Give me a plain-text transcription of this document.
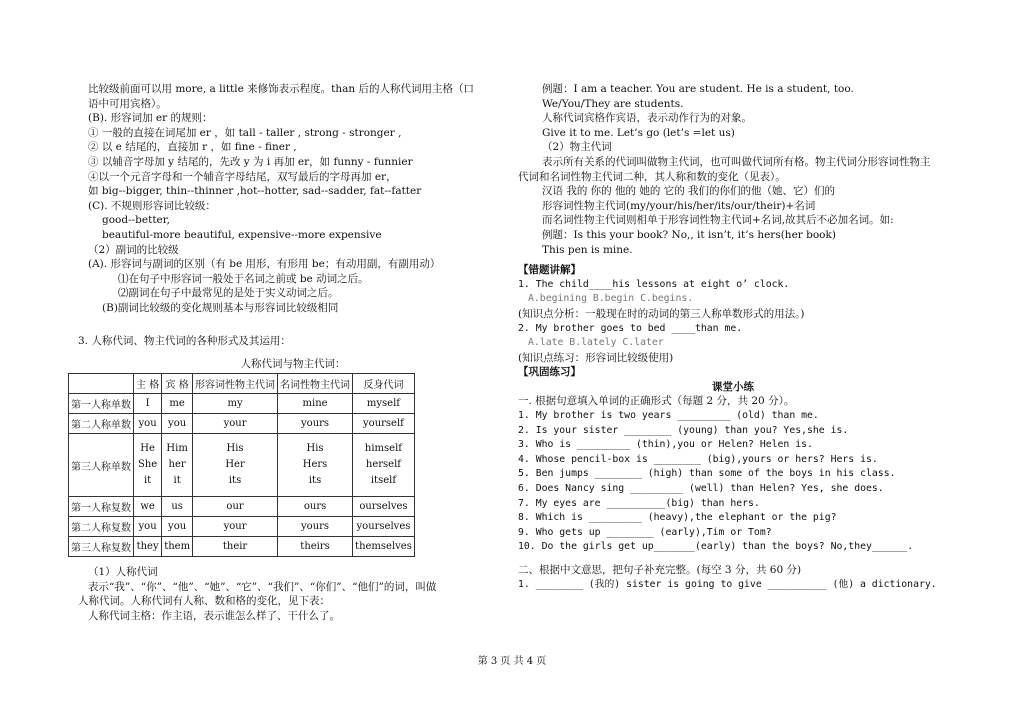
比较级前面可以用 more, a little 来修饰表示程度。than 后的人称代词用主格（口
语中可用宾格）。
(B). 形容词加 er 的规则：
① 一般的直接在词尾加 er ，如 tall - taller , strong - stronger ,
② 以 e 结尾的，直接加 r ，如 fine - finer ,
③ 以辅音字母加 y 结尾的，先改 y 为 i 再加 er，如 funny - funnier
④以一个元音字母和一个辅音字母结尾，双写最后的字母再加 er，
如 big--bigger, thin--thinner ,hot--hotter, sad--sadder, fat--fatter
(C). 不规则形容词比较级：
good--better,
beautiful-more beautiful, expensive--more expensive
（2）副词的比较级
(A). 形容词与副词的区别（有 be 用形，有形用 be；有动用副，有副用动）
⑴在句子中形容词一般处于名词之前或 be 动词之后。
⑵副词在句子中最常见的是处于实义动词之后。
(B)副词比较级的变化规则基本与形容词比较级相同
3. 人称代词、物主代词的各种形式及其运用：
人称代词与物主代词：
	主 格	宾 格	形容词性物主代词	名词性物主代词	反身代词
第一人称单数	I	me	my	mine	myself
第二人称单数	you	you	your	yours	yourself
第三人称单数	He
She
it	Him
her
it	His
Her
its	His
Hers
its	himself
herself
itself
第一人称复数	we	us	our	ours	ourselves
第二人称复数	you	you	your	yours	yourselves
第三人称复数	they	them	their	theirs	themselves
（1）人称代词
表示“我”、“你”、“他”、“她”、“它”、“我们”、“你们”、“他们”的词，叫做
人称代词。人称代词有人称、数和格的变化，见下表：
人称代词主格：作主语，表示谁怎么样了、干什么了。
例题：I am a teacher. You are student. He is a student, too.
We/You/They are students.
人称代词宾格作宾语，表示动作行为的对象。
Give it to me. Let’s go (let’s =let us)
（2）物主代词
表示所有关系的代词叫做物主代词，也可叫做代词所有格。物主代词分形容词性物主
代词和名词性物主代词二种，其人称和数的变化（见表）。
汉语 我的 你的 他的 她的 它的 我们的你们的他（她、它）们的
形容词性物主代词(my/your/his/her/its/our/their)+名词
而名词性物主代词则相单于形容词性物主代词+名词,故其后不必加名词。如:
例题：Is this your book? No,, it isn’t, it’s hers(her book)
This pen is mine.
【错题讲解】
1. The child____his lessons at eight o’ clock.
A.begining B.begin C.begins.
(知识点分析：一般现在时的动词的第三人称单数形式的用法。)
2. My brother goes to bed ____than me.
A.late B.lately C.later
(知识点练习：形容词比较级使用)
【巩固练习】
课堂小练
一. 根据句意填入单词的正确形式（每题 2 分，共 20 分）。
1. My brother is two years _________ (old) than me.
2. Is your sister ________ (young) than you? Yes,she is.
3. Who is _________ (thin),you or Helen? Helen is.
4. Whose pencil-box is ________ (big),yours or hers? Hers is.
5. Ben jumps ________ (high) than some of the boys in his class.
6. Does Nancy sing _________ (well) than Helen? Yes, she does.
7. My eyes are __________(big) than hers.
8. Which is _________ (heavy),the elephant or the pig?
9. Who gets up ________ (early),Tim or Tom?
10. Do the girls get up_______(early) than the boys? No,they______.
二、根据中文意思，把句子补充完整。(每空 3 分，共 60 分)
1. ________ (我的) sister is going to give __________ (他) a dictionary.
第 3 页 共 4 页
